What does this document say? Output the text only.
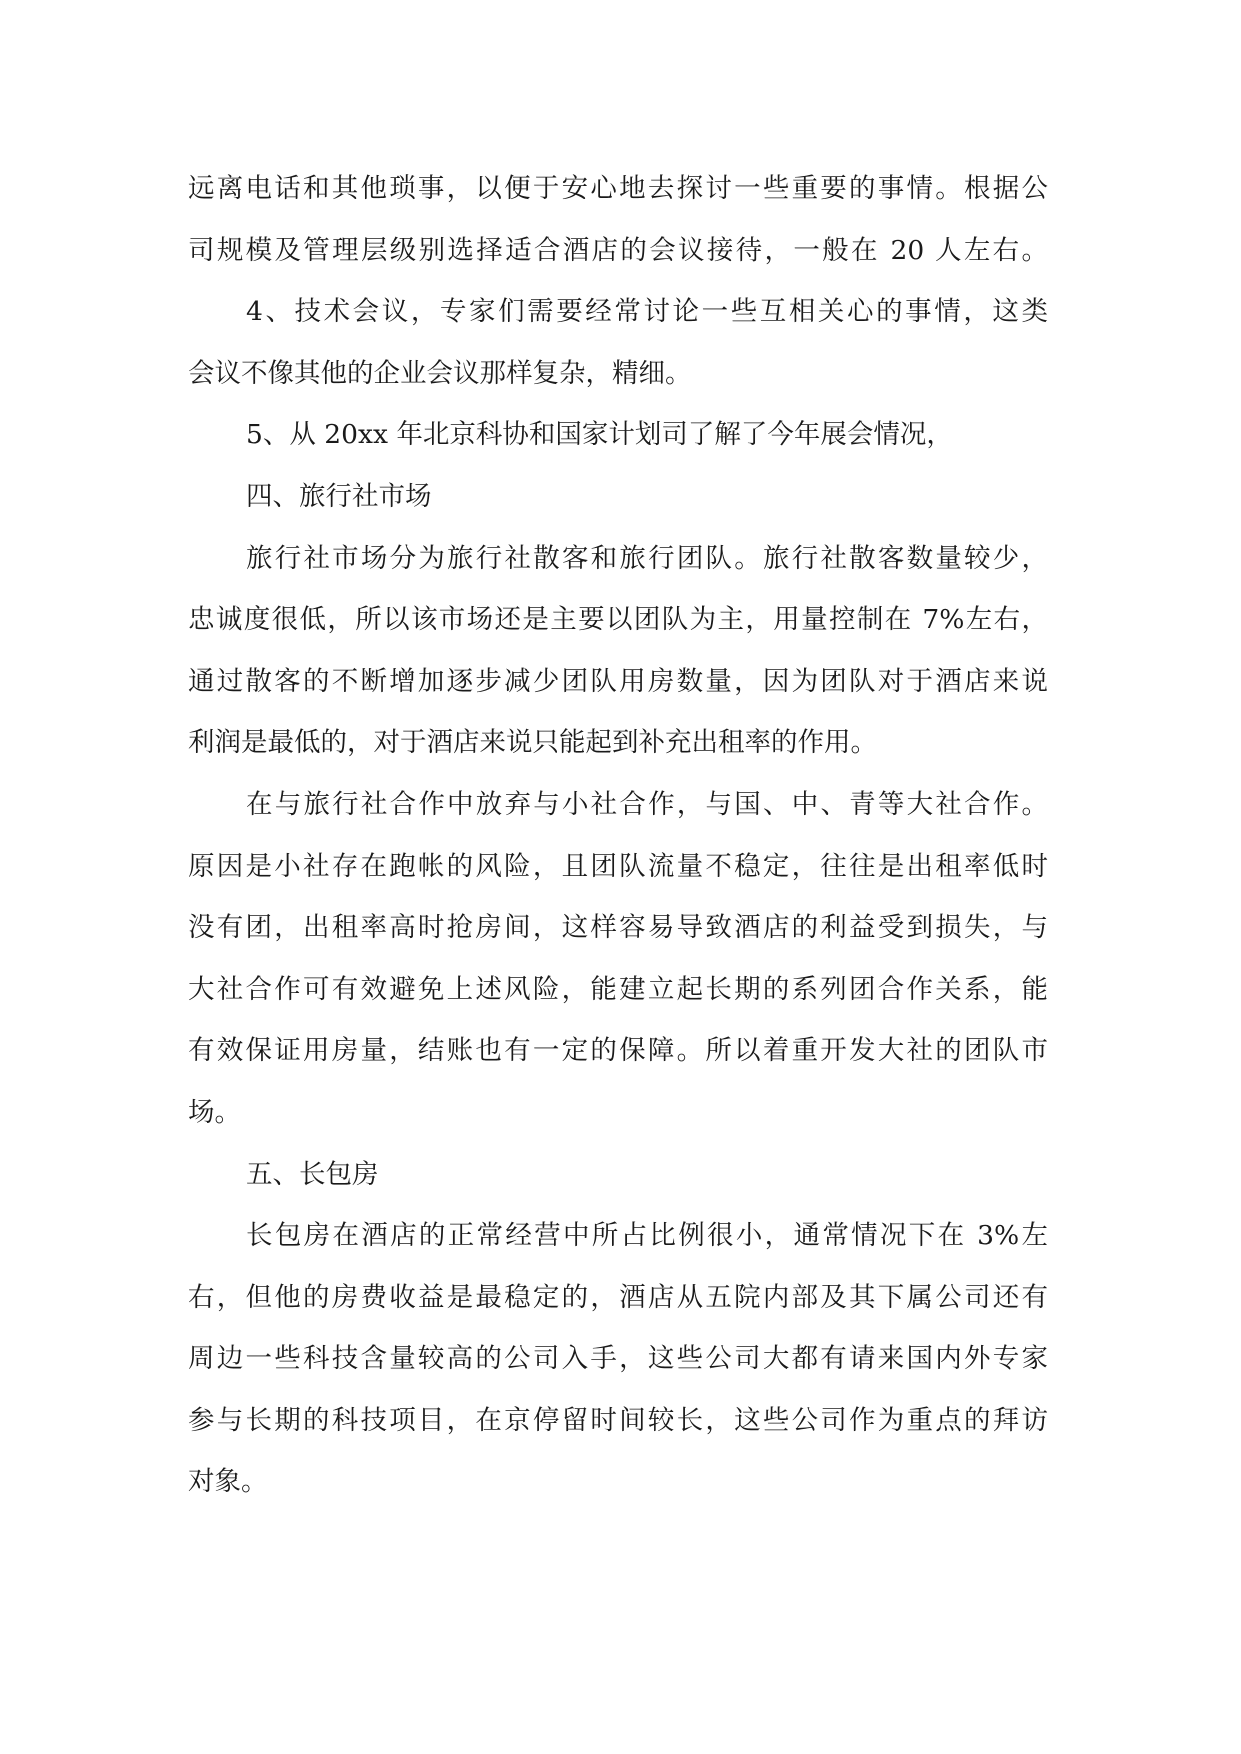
远离电话和其他琐事，以便于安心地去探讨一些重要的事情。根据公
司规模及管理层级别选择适合酒店的会议接待，一般在 20 人左右。
4、技术会议，专家们需要经常讨论一些互相关心的事情，这类
会议不像其他的企业会议那样复杂，精细。
5、从 20xx 年北京科协和国家计划司了解了今年展会情况，
四、旅行社市场
旅行社市场分为旅行社散客和旅行团队。旅行社散客数量较少，
忠诚度很低，所以该市场还是主要以团队为主，用量控制在 7%左右，
通过散客的不断增加逐步减少团队用房数量，因为团队对于酒店来说
利润是最低的，对于酒店来说只能起到补充出租率的作用。
在与旅行社合作中放弃与小社合作，与国、中、青等大社合作。
原因是小社存在跑帐的风险，且团队流量不稳定，往往是出租率低时
没有团，出租率高时抢房间，这样容易导致酒店的利益受到损失，与
大社合作可有效避免上述风险，能建立起长期的系列团合作关系，能
有效保证用房量，结账也有一定的保障。所以着重开发大社的团队市
场。
五、长包房
长包房在酒店的正常经营中所占比例很小，通常情况下在 3%左
右，但他的房费收益是最稳定的，酒店从五院内部及其下属公司还有
周边一些科技含量较高的公司入手，这些公司大都有请来国内外专家
参与长期的科技项目，在京停留时间较长，这些公司作为重点的拜访
对象。
